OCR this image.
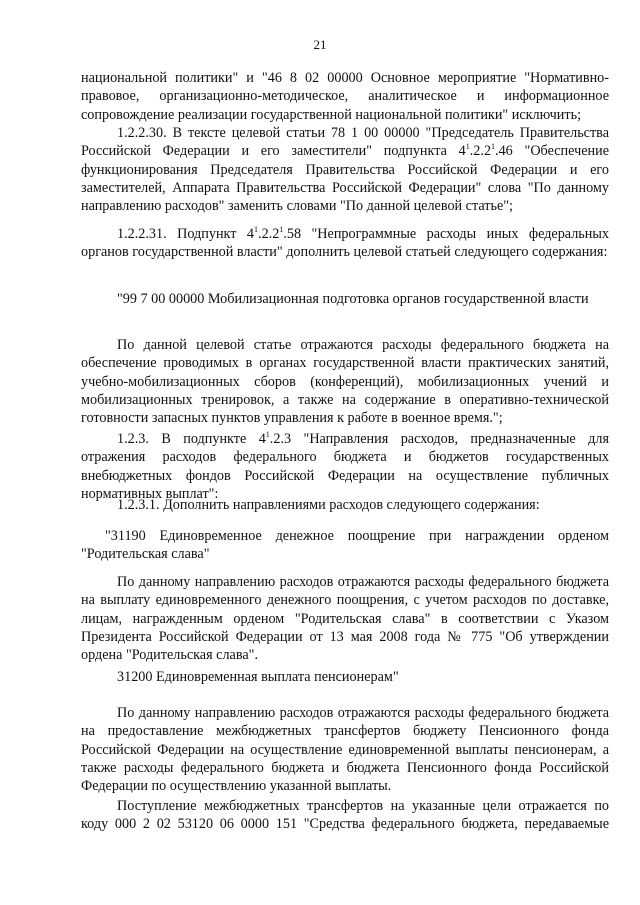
21

национальной политики" и "46 8 02 00000 Основное мероприятие "Нормативно-правовое, организационно-методическое, аналитическое и информационное сопровождение реализации государственной национальной политики" исключить;

1.2.2.30. В тексте целевой статьи 78 1 00 00000 "Председатель Правительства Российской Федерации и его заместители" подпункта $4^1.2.2^1.46$ "Обеспечение функционирования Председателя Правительства Российской Федерации и его заместителей, Аппарата Правительства Российской Федерации" слова "По данному направлению расходов" заменить словами "По данной целевой статье";

1.2.2.31. Подпункт $4^1.2.2^1.58$ "Непрограммные расходы иных федеральных органов государственной власти" дополнить целевой статьей следующего содержания:

"99 7 00 00000 Мобилизационная подготовка органов государственной власти

По данной целевой статье отражаются расходы федерального бюджета на обеспечение проводимых в органах государственной власти практических занятий, учебно-мобилизационных сборов (конференций), мобилизационных учений и мобилизационных тренировок, а также на содержание в оперативно-технической готовности запасных пунктов управления к работе в военное время.";

1.2.3. В подпункте $4^1.2.3$ "Направления расходов, предназначенные для отражения расходов федерального бюджета и бюджетов государственных внебюджетных фондов Российской Федерации на осуществление публичных нормативных выплат":

1.2.3.1. Дополнить направлениями расходов следующего содержания:

"31190 Единовременное денежное поощрение при награждении орденом "Родительская слава"

По данному направлению расходов отражаются расходы федерального бюджета на выплату единовременного денежного поощрения, с учетом расходов по доставке, лицам, награжденным орденом "Родительская слава" в соответствии с Указом Президента Российской Федерации от 13 мая 2008 года № 775 "Об утверждении ордена "Родительская слава".

31200 Единовременная выплата пенсионерам"

По данному направлению расходов отражаются расходы федерального бюджета на предоставление межбюджетных трансфертов бюджету Пенсионного фонда Российской Федерации на осуществление единовременной выплаты пенсионерам, а также расходы федерального бюджета и бюджета Пенсионного фонда Российской Федерации по осуществлению указанной выплаты.

Поступление межбюджетных трансфертов на указанные цели отражается по коду 000 2 02 53120 06 0000 151 "Средства федерального бюджета, передаваемые
